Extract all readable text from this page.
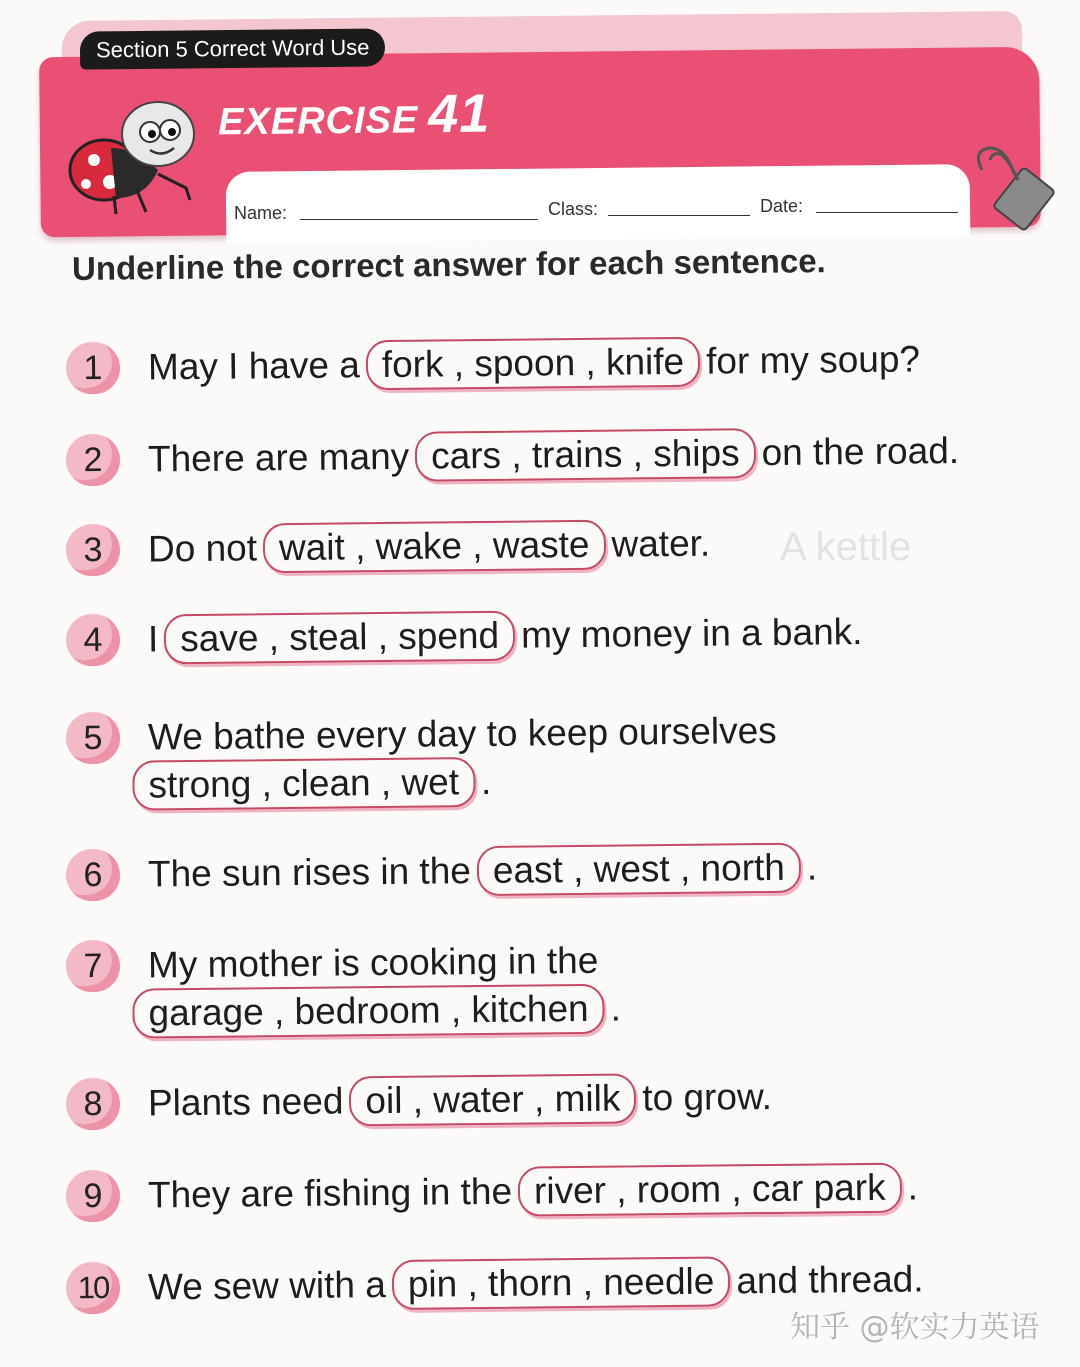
A kettle
Section 5 Correct Word Use
EXERCISE 41
Name:	Class:	Date:
Underline the correct answer for each sentence.
1	May I have a fork , spoon , knife for my soup?
2	There are many cars , trains , ships on the road.
3	Do not wait , wake , waste water.
4	I save , steal , spend my money in a bank.
5	We bathe every day to keep ourselves
strong , clean , wet .
6	The sun rises in the east , west , north .
7	My mother is cooking in the
garage , bedroom , kitchen .
8	Plants need oil , water , milk to grow.
9	They are fishing in the river , room , car park .
10	We sew with a pin , thorn , needle and thread.
知乎 @软实力英语
